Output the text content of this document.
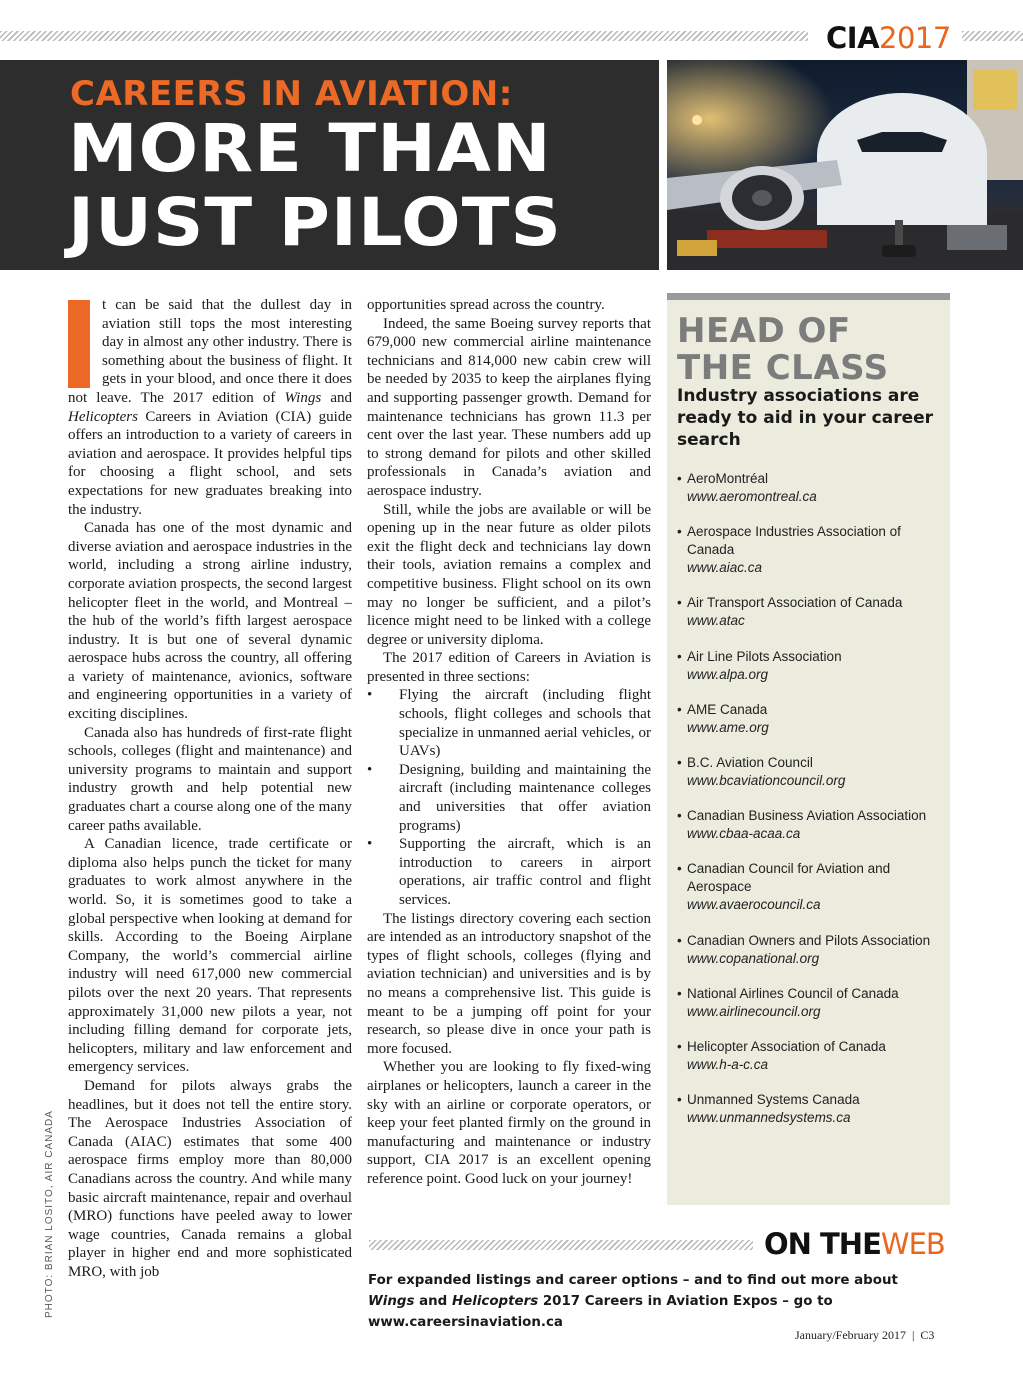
CIA2017
CAREERS IN AVIATION:
MORE THAN
JUST PILOTS
PHOTO: BRIAN LOSITO, AIR CANADA

t can be said that the dullest day in aviation still tops the most interesting day in almost any other industry. There is something about the business of flight. It gets in your blood, and once there it does not leave. The 2017 edition of Wings and Helicopters Careers in Aviation (CIA) guide offers an introduction to a variety of careers in aviation and aerospace. It provides helpful tips for choosing a flight school, and sets expectations for new graduates breaking into the industry.

Canada has one of the most dynamic and diverse aviation and aerospace industries in the world, including a strong airline industry, corporate aviation prospects, the second largest helicopter fleet in the world, and Montreal – the hub of the world’s fifth largest aerospace industry. It is but one of several dynamic aerospace hubs across the country, all offering a variety of maintenance, avionics, software and engineering opportunities in a variety of exciting disciplines.

Canada also has hundreds of first-rate flight schools, colleges (flight and maintenance) and university programs to maintain and support industry growth and help potential new graduates chart a course along one of the many career paths available.

A Canadian licence, trade certificate or diploma also helps punch the ticket for many graduates to work almost anywhere in the world. So, it is sometimes good to take a global perspective when looking at demand for skills. According to the Boeing Airplane Company, the world’s commercial airline industry will need 617,000 new commercial pilots over the next 20 years. That represents approximately 31,000 new pilots a year, not including filling demand for corporate jets, helicopters, military and law enforcement and emergency services.

Demand for pilots always grabs the headlines, but it does not tell the entire story. The Aerospace Industries Association of Canada (AIAC) estimates that some 400 aerospace firms employ more than 80,000 Canadians across the country. And while many basic aircraft maintenance, repair and overhaul (MRO) functions have peeled away to lower wage countries, Canada remains a global player in higher end and more sophisticated MRO, with job

opportunities spread across the country.

Indeed, the same Boeing survey reports that 679,000 new commercial airline maintenance technicians and 814,000 new cabin crew will be needed by 2035 to keep the airplanes flying and supporting passenger growth. Demand for maintenance technicians has grown 11.3 per cent over the last year. These numbers add up to strong demand for pilots and other skilled professionals in Canada’s aviation and aerospace industry.

Still, while the jobs are available or will be opening up in the near future as older pilots exit the flight deck and technicians lay down their tools, aviation remains a complex and competitive business. Flight school on its own may no longer be sufficient, and a pilot’s licence might need to be linked with a college degree or university diploma.

The 2017 edition of Careers in Aviation is presented in three sections:

• Flying the aircraft (including flight schools, flight colleges and schools that specialize in unmanned aerial vehicles, or UAVs)
• Designing, building and maintaining the aircraft (including maintenance colleges and universities that offer aviation programs)
• Supporting the aircraft, which is an introduction to careers in airport operations, air traffic control and flight services.

The listings directory covering each section are intended as an introductory snapshot of the types of flight schools, colleges (flying and aviation technician) and universities and is by no means a comprehensive list. This guide is meant to be a jumping off point for your research, so please dive in once your path is more focused.

Whether you are looking to fly fixed-wing airplanes or helicopters, launch a career in the sky with an airline or corporate operators, or keep your feet planted firmly on the ground in manufacturing and maintenance or industry support, CIA 2017 is an excellent opening reference point. Good luck on your journey!

HEAD OF
THE CLASS
Industry associations are ready to aid in your career search
• AeroMontréal
www.aeromontreal.ca
• Aerospace Industries Association of Canada
www.aiac.ca
• Air Transport Association of Canada
www.atac
• Air Line Pilots Association
www.alpa.org
• AME Canada
www.ame.org
• B.C. Aviation Council
www.bcaviationcouncil.org
• Canadian Business Aviation Association
www.cbaa-acaa.ca
• Canadian Council for Aviation and Aerospace
www.avaerocouncil.ca
• Canadian Owners and Pilots Association
www.copanational.org
• National Airlines Council of Canada
www.airlinecouncil.org
• Helicopter Association of Canada
www.h-a-c.ca
• Unmanned Systems Canada
www.unmannedsystems.ca
ON THEWEB
For expanded listings and career options – and to find out more about Wings and Helicopters 2017 Careers in Aviation Expos – go to www.careersinaviation.ca
January/February 2017 | C3
